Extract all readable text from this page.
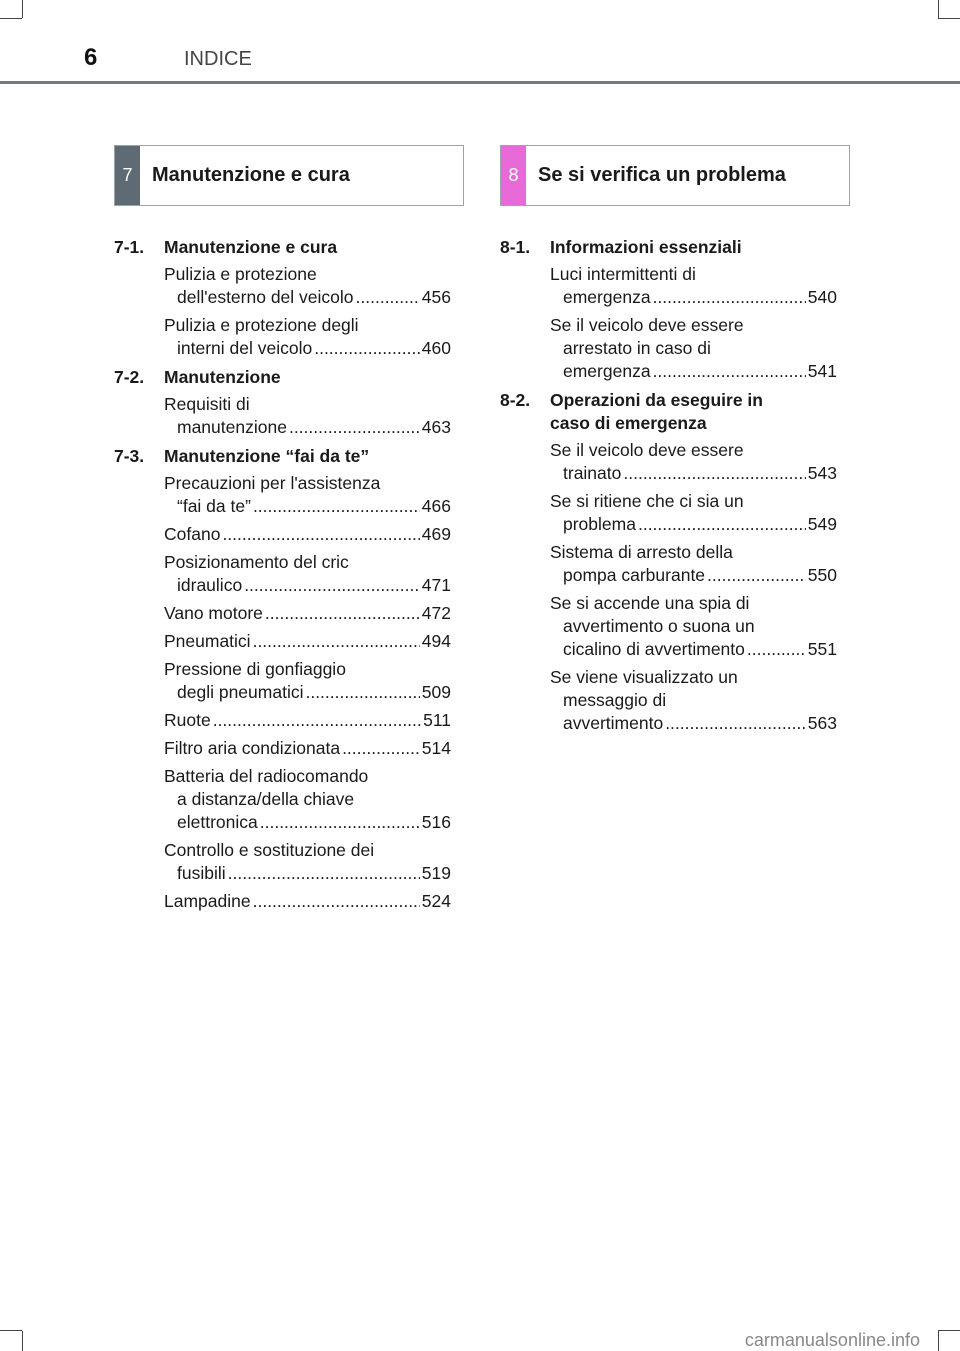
6	INDICE
7 Manutenzione e cura	8 Se si verifica un problema
7-1.	Manutenzione e cura
Pulizia e protezione
dell'esterno del veicolo .....	456
Pulizia e protezione degli
interni del veicolo .....	460
7-2.	Manutenzione
Requisiti di
manutenzione .....	463
7-3.	Manutenzione “fai da te”
Precauzioni per l'assistenza
“fai da te” .....	466
Cofano .....	469
Posizionamento del cric
idraulico .....	471
Vano motore .....	472
Pneumatici .....	494
Pressione di gonfiaggio
degli pneumatici .....	509
Ruote .....	511
Filtro aria condizionata .....	514
Batteria del radiocomando
a distanza/della chiave
elettronica .....	516
Controllo e sostituzione dei
fusibili .....	519
Lampadine .....	524
8-1.	Informazioni essenziali
Luci intermittenti di
emergenza .....	540
Se il veicolo deve essere
arrestato in caso di
emergenza .....	541
8-2.	Operazioni da eseguire in caso di emergenza
Se il veicolo deve essere
trainato .....	543
Se si ritiene che ci sia un
problema .....	549
Sistema di arresto della
pompa carburante .....	550
Se si accende una spia di
avvertimento o suona un
cicalino di avvertimento .....	551
Se viene visualizzato un
messaggio di
avvertimento .....	563
carmanualsonline.info
